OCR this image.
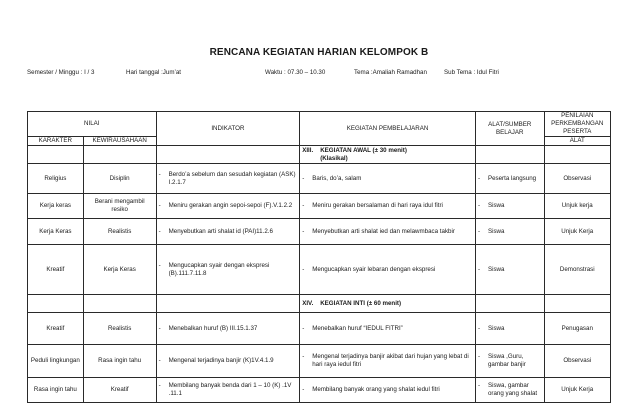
RENCANA KEGIATAN HARIAN KELOMPOK B
Semester / Minggu : I / 3	Hari tanggal :Jum’at	Waktu : 07.30 – 10.30	Tema :Amaliah Ramadhan	Sub Tema : Idul Fitri
NILAI		INDIKATOR	KEGIATAN PEMBELAJARAN	ALAT/SUMBER BELAJAR	PENILAIAN PERKEMBANGAN PESERTA
KARAKTER	KEWIRAUSAHAAN				ALAT

			XIII. KEGIATAN AWAL (± 30 menit)
(Klasikal)		

Religius	Disiplin	- Berdo’a sebelum dan sesudah kegiatan (ASK) I.2.1.7	- Baris, do’a, salam	- Peserta langsung	Observasi
Kerja keras	Berani mengambil resiko	- Meniru gerakan angin sepoi-sepoi (F).V.1.2.2	- Meniru gerakan bersalaman di hari raya idul fitri	- Siswa	Unjuk kerja
Kerja Keras	Realistis	- Menyebutkan arti shalat id (PAI)11.2.6	- Menyebutkan arti shalat ied dan melawmbaca takbir	- Siswa	Unjuk Kerja
Kreatif	Kerja Keras	- Mengucapkan syair dengan ekspresi (B).111.7.11.8	- Mengucapkan syair lebaran dengan ekspresi	- Siswa	Demonstrasi

			XIV. KEGIATAN INTI (± 60 menit)		

Kreatif	Realistis	- Menebalkan huruf (B) III.15.1.37	- Menebalkan huruf “IEDUL FITRI”	- Siswa	Penugasan
Peduli lingkungan	Rasa ingin tahu	- Mengenal terjadinya banjir (K)1V.4.1.9	- Mengenal terjadinya banjir akibat dari hujan yang lebat di hari raya iedul fitri	- Siswa ,Guru, gambar banjir	Observasi
Rasa ingin tahu	Kreatif	- Membilang banyak benda dari 1 – 10 (K) .1V .11.1	- Membilang banyak orang yang shalat iedul fitri	- Siswa, gambar orang yang shalat	Unjuk Kerja
